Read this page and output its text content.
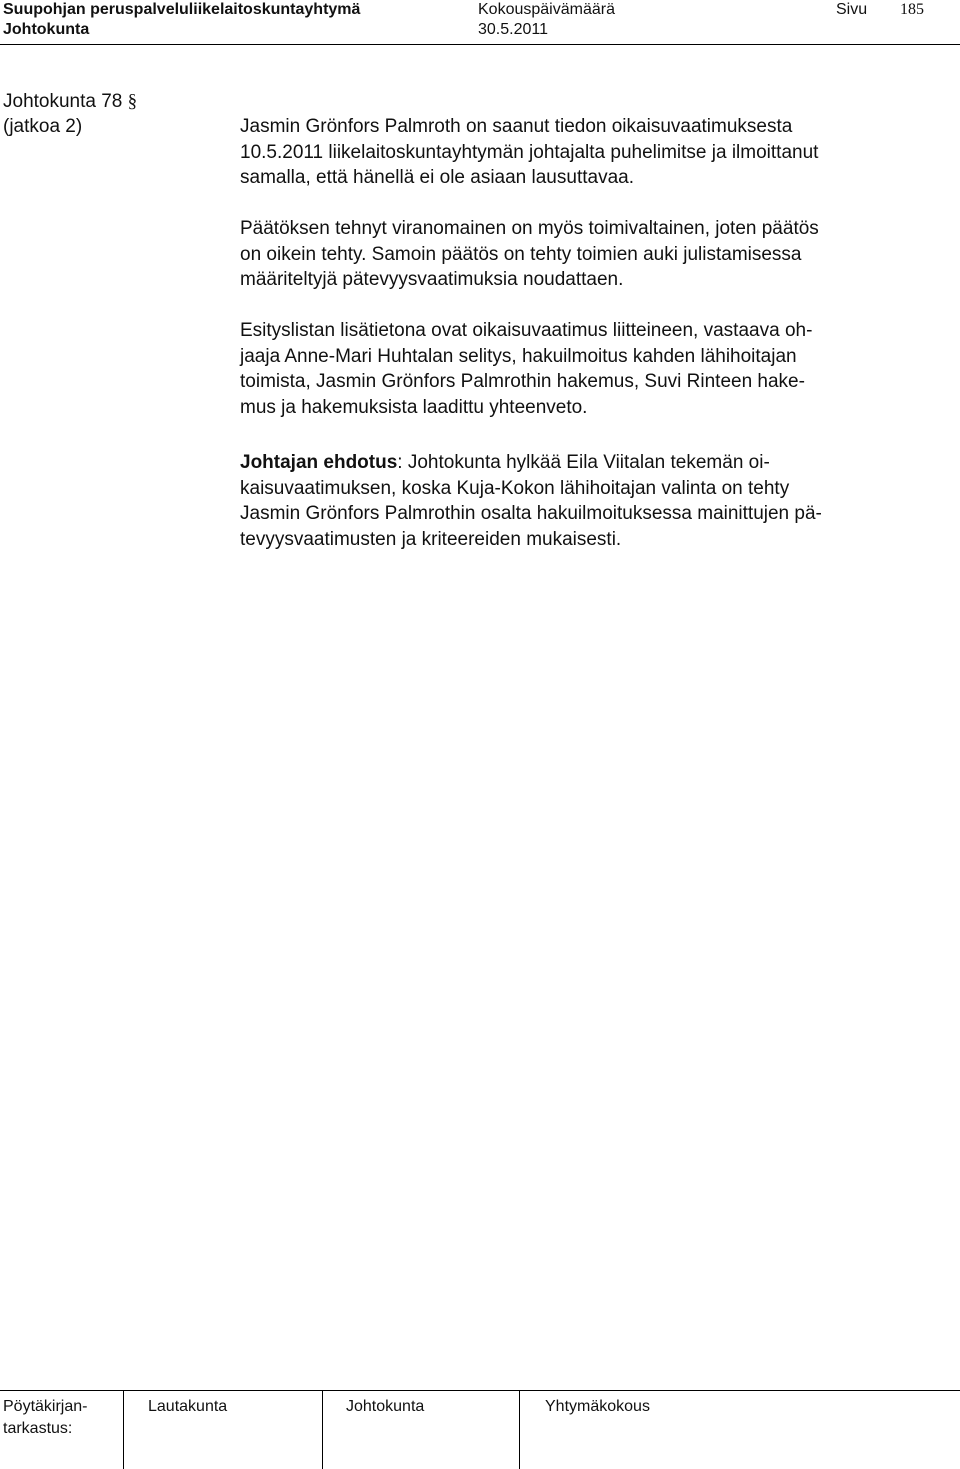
Suupohjan peruspalveluliikelaitoskuntayhtymä	Kokouspäivämäärä	Sivu 185
Johtokunta	30.5.2011
Johtokunta 78 §
(jatkoa 2)	Jasmin Grönfors Palmroth on saanut tiedon oikaisuvaatimuksesta
10.5.2011 liikelaitoskuntayhtymän johtajalta puhelimitse ja ilmoittanut
samalla, että hänellä ei ole asiaan lausuttavaa.
Päätöksen tehnyt viranomainen on myös toimivaltainen, joten päätös
on oikein tehty. Samoin päätös on tehty toimien auki julistamisessa
määriteltyjä pätevyysvaatimuksia noudattaen.
Esityslistan lisätietona ovat oikaisuvaatimus liitteineen, vastaava oh-
jaaja Anne-Mari Huhtalan selitys, hakuilmoitus kahden lähihoitajan
toimista, Jasmin Grönfors Palmrothin hakemus, Suvi Rinteen hake-
mus ja hakemuksista laadittu yhteenveto.
Johtajan ehdotus: Johtokunta hylkää Eila Viitalan tekemän oi-
kaisuvaatimuksen, koska Kuja-Kokon lähihoitajan valinta on tehty
Jasmin Grönfors Palmrothin osalta hakuilmoituksessa mainittujen pä-
tevyysvaatimusten ja kriteereiden mukaisesti.
Pöytäkirjan-
tarkastus:
Lautakunta	Johtokunta	Yhtymäkokous
